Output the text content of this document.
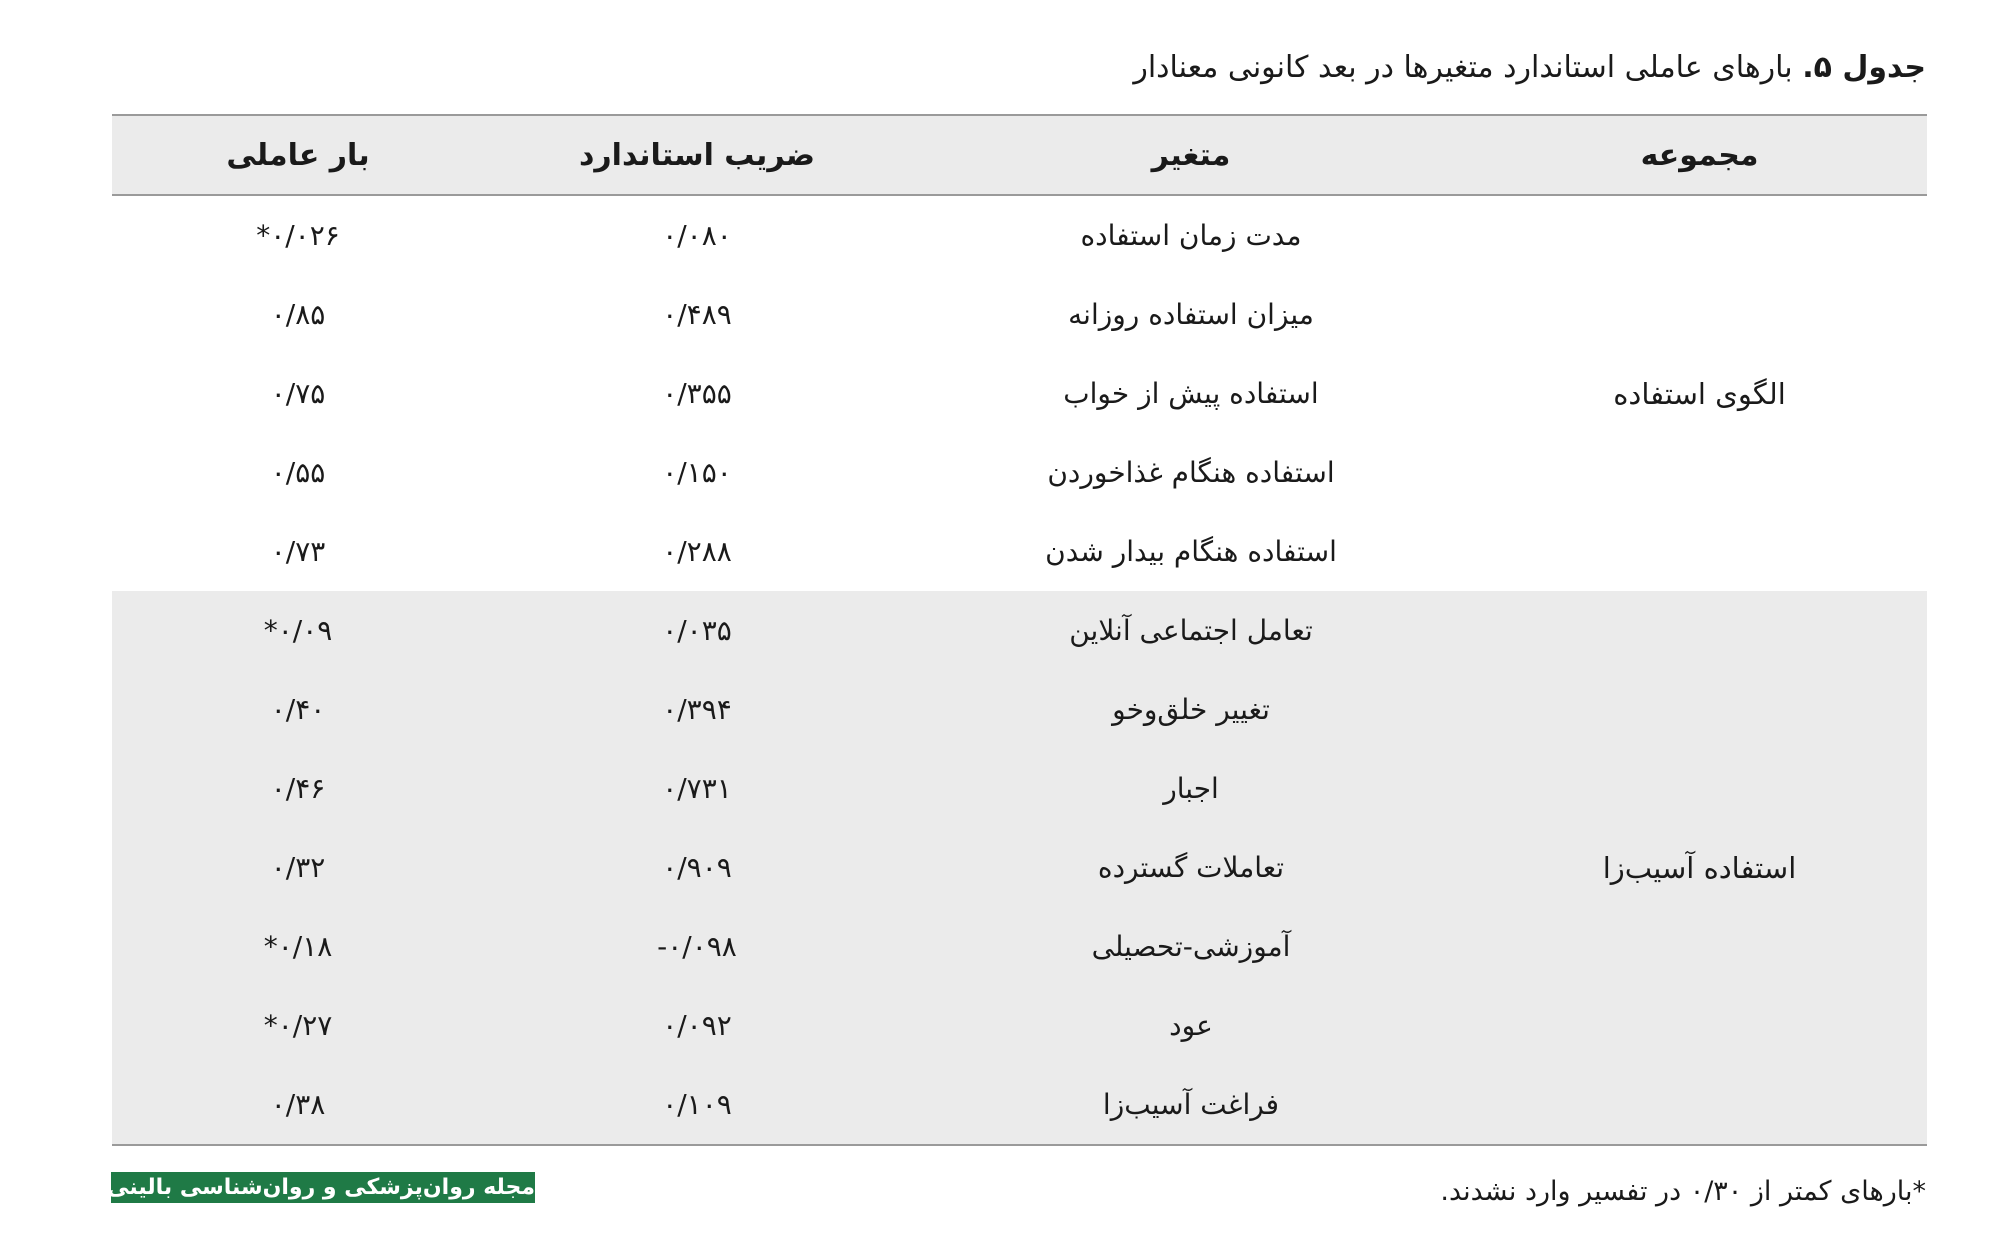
جدول ۵. بارهای عاملی استاندارد متغیرها در بعد کانونی معنادار
مجموعه	متغیر	ضریب استاندارد	بار عاملی
الگوی استفاده	مدت زمان استفاده	۰/۰۸۰	*۰/۰۲۶
	میزان استفاده روزانه	۰/۴۸۹	۰/۸۵
	استفاده پیش از خواب	۰/۳۵۵	۰/۷۵
	استفاده هنگام غذاخوردن	۰/۱۵۰	۰/۵۵
	استفاده هنگام بیدار شدن	۰/۲۸۸	۰/۷۳
استفاده آسیب‌زا	تعامل اجتماعی آنلاین	۰/۰۳۵	*۰/۰۹
	تغییر خلق‌وخو	۰/۳۹۴	۰/۴۰
	اجبار	۰/۷۳۱	۰/۴۶
	تعاملات گسترده	۰/۹۰۹	۰/۳۲
	آموزشی-تحصیلی	-۰/۰۹۸	*۰/۱۸
	عود	۰/۰۹۲	*۰/۲۷
	فراغت آسیب‌زا	۰/۱۰۹	۰/۳۸
*بارهای کمتر از ۰/۳۰ در تفسیر وارد نشدند.
مجله روان‌پزشکی و روان‌شناسی بالینی ایران
